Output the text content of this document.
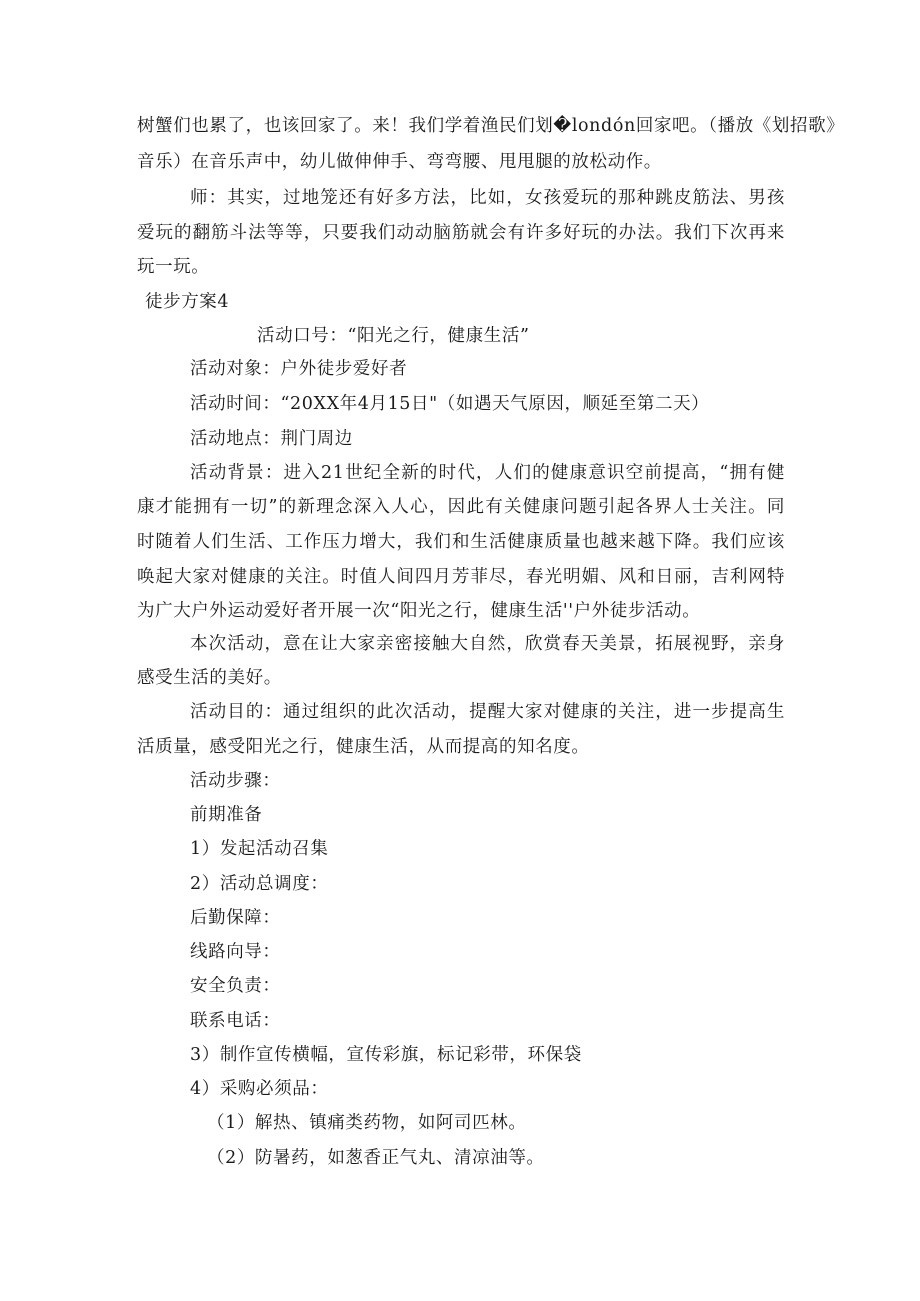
树蟹们也累了，也该回家了。来！我们学着渔民们划�londón回家吧。（播放《划招歌》
音乐）在音乐声中，幼儿做伸伸手、弯弯腰、甩甩腿的放松动作。
师：其实，过地笼还有好多方法，比如，女孩爱玩的那种跳皮筋法、男孩
爱玩的翻筋斗法等等，只要我们动动脑筋就会有许多好玩的办法。我们下次再来
玩一玩。
徒步方案4
活动口号：“阳光之行，健康生活”
活动对象：户外徒步爱好者
活动时间：“20XX年4月15日"（如遇天气原因，顺延至第二天）
活动地点：荆门周边
活动背景：进入21世纪全新的时代，人们的健康意识空前提高，“拥有健
康才能拥有一切”的新理念深入人心，因此有关健康问题引起各界人士关注。同
时随着人们生活、工作压力增大，我们和生活健康质量也越来越下降。我们应该
唤起大家对健康的关注。时值人间四月芳菲尽，春光明媚、风和日丽，吉利网特
为广大户外运动爱好者开展一次“阳光之行，健康生活''户外徒步活动。
本次活动，意在让大家亲密接触大自然，欣赏春天美景，拓展视野，亲身
感受生活的美好。
活动目的：通过组织的此次活动，提醒大家对健康的关注，进一步提高生
活质量，感受阳光之行，健康生活，从而提高的知名度。
活动步骤：
前期准备
1）发起活动召集
2）活动总调度：
后勤保障：
线路向导：
安全负责：
联系电话：
3）制作宣传横幅，宣传彩旗，标记彩带，环保袋
4）采购必须品：
（1）解热、镇痛类药物，如阿司匹林。
（2）防暑药，如葱香正气丸、清凉油等。
